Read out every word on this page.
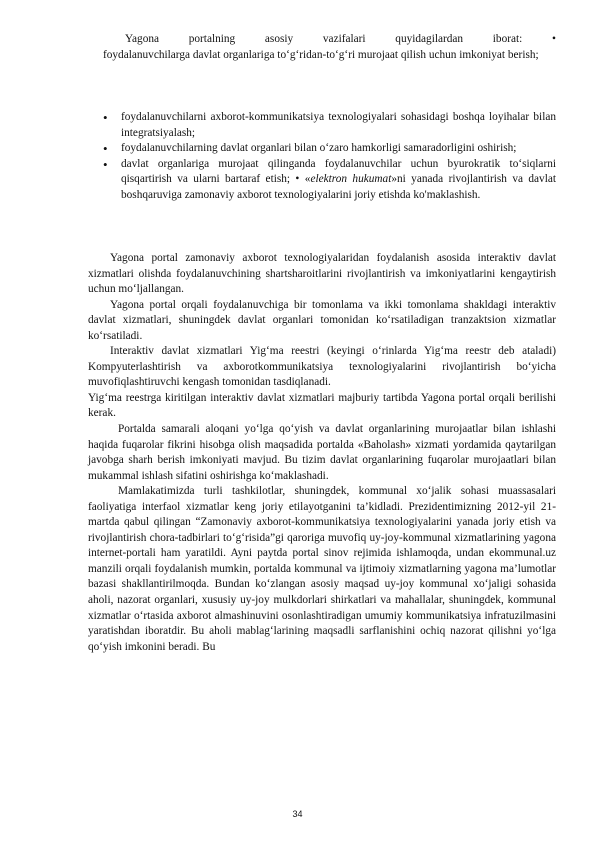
Yagona portalning asosiy vazifalari quyidagilardan iborat: •
foydalanuvchilarga davlat organlariga to‘g‘ridan-to‘g‘ri murojaat qilish uchun imkoniyat berish;
• foydalanuvchilarni axborot-kommunikatsiya texnologiyalari sohasidagi boshqa loyihalar bilan integratsiyalash;
• foydalanuvchilarning davlat organlari bilan o‘zaro hamkorligi samaradorligini oshirish;
• davlat organlariga murojaat qilinganda foydalanuvchilar uchun byurokratik to‘siqlarni qisqartirish va ularni bartaraf etish; • «elektron hukumat»ni yanada rivojlantirish va davlat boshqaruviga zamonaviy axborot texnologiyalarini joriy etishda ko'maklashish.

Yagona portal zamonaviy axborot texnologiyalaridan foydalanish asosida interaktiv davlat xizmatlari olishda foydalanuvchining shartsharoitlarini rivojlantirish va imkoniyatlarini kengaytirish uchun mo‘ljallangan.

Yagona portal orqali foydalanuvchiga bir tomonlama va ikki tomonlama shakldagi interaktiv davlat xizmatlari, shuningdek davlat organlari tomonidan ko‘rsatiladigan tranzaktsion xizmatlar ko‘rsatiladi.

Interaktiv davlat xizmatlari Yig‘ma reestri (keyingi o‘rinlarda Yig‘ma reestr deb ataladi) Kompyuterlashtirish va axborotkommunikatsiya texnologiyalarini rivojlantirish bo‘yicha muvofiqlashtiruvchi kengash tomonidan tasdiqlanadi.

Yig‘ma reestrga kiritilgan interaktiv davlat xizmatlari majburiy tartibda Yagona portal orqali berilishi kerak.

Portalda samarali aloqani yo‘lga qo‘yish va davlat organlarining murojaatlar bilan ishlashi haqida fuqarolar fikrini hisobga olish maqsadida portalda «Baholash» xizmati yordamida qaytarilgan javobga sharh berish imkoniyati mavjud. Bu tizim davlat organlarining fuqarolar murojaatlari bilan mukammal ishlash sifatini oshirishga ko‘maklashadi.

Mamlakatimizda turli tashkilotlar, shuningdek, kommunal xo‘jalik sohasi muassasalari faoliyatiga interfaol xizmatlar keng joriy etilayotganini ta’kidladi. Prezidentimizning 2012-yil 21-martda qabul qilingan “Zamonaviy axborot-kommunikatsiya texnologiyalarini yanada joriy etish va rivojlantirish chora-tadbirlari to‘g‘risida”gi qaroriga muvofiq uy-joy-kommunal xizmatlarining yagona internet-portali ham yaratildi. Ayni paytda portal sinov rejimida ishlamoqda, undan ekommunal.uz manzili orqali foydalanish mumkin, portalda kommunal va ijtimoiy xizmatlarning yagona ma’lumotlar bazasi shakllantirilmoqda. Bundan ko‘zlangan asosiy maqsad uy-joy kommunal xo‘jaligi sohasida aholi, nazorat organlari, xususiy uy-joy mulkdorlari shirkatlari va mahallalar, shuningdek, kommunal xizmatlar o‘rtasida axborot almashinuvini osonlashtiradigan umumiy kommunikatsiya infratuzilmasini yaratishdan iboratdir. Bu aholi mablag‘larining maqsadli sarflanishini ochiq nazorat qilishni yo‘lga qo‘yish imkonini beradi. Bu

34
